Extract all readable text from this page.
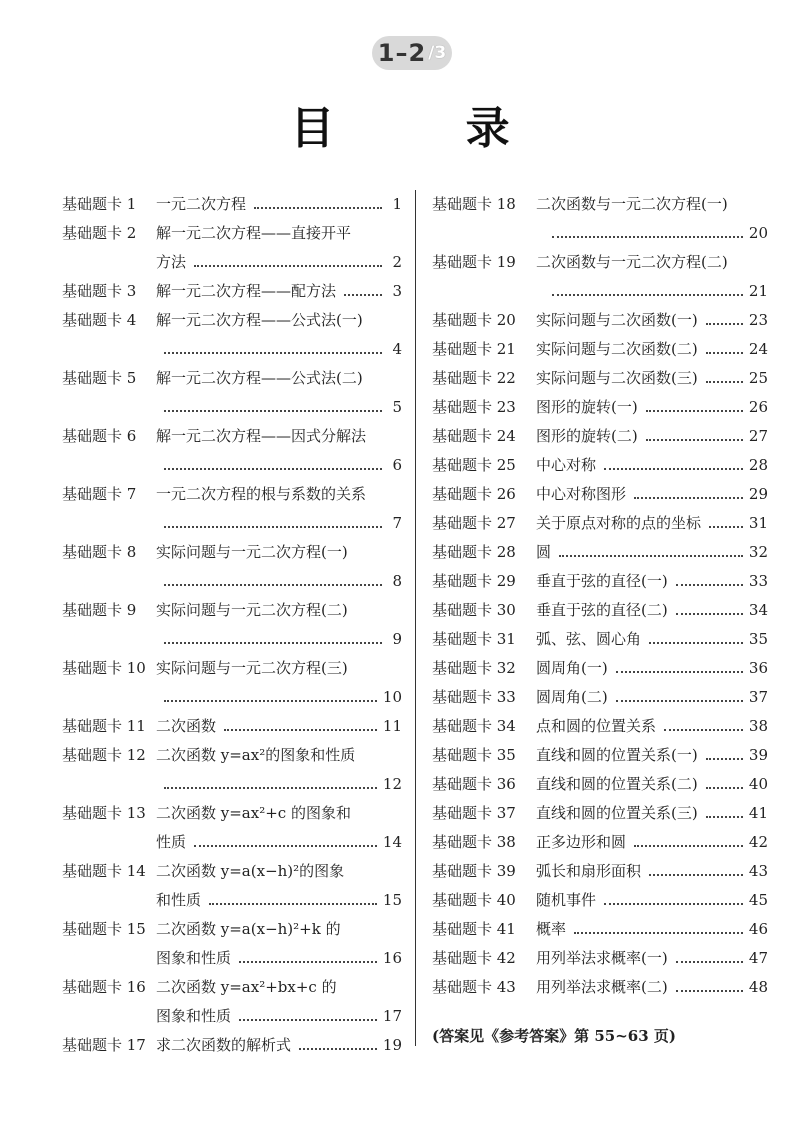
1–2 /3
目 录
基础题卡 1	一元二次方程	1
基础题卡 2	解一元二次方程——直接开平
方法	2
基础题卡 3	解一元二次方程——配方法	3
基础题卡 4	解一元二次方程——公式法(一)
4
基础题卡 5	解一元二次方程——公式法(二)
5
基础题卡 6	解一元二次方程——因式分解法
6
基础题卡 7	一元二次方程的根与系数的关系
7
基础题卡 8	实际问题与一元二次方程(一)
8
基础题卡 9	实际问题与一元二次方程(二)
9
基础题卡 10 实际问题与一元二次方程(三)
10
基础题卡 11 二次函数	11
基础题卡 12 二次函数 y=ax²的图象和性质
12
基础题卡 13 二次函数 y=ax²+c 的图象和
性质	14
基础题卡 14 二次函数 y=a(x−h)²的图象
和性质	15
基础题卡 15 二次函数 y=a(x−h)²+k 的
图象和性质	16
基础题卡 16 二次函数 y=ax²+bx+c 的
图象和性质	17
基础题卡 17 求二次函数的解析式	19
基础题卡 18	二次函数与一元二次方程(一)
20
基础题卡 19	二次函数与一元二次方程(二)
21
基础题卡 20	实际问题与二次函数(一)	23
基础题卡 21	实际问题与二次函数(二)	24
基础题卡 22	实际问题与二次函数(三)	25
基础题卡 23	图形的旋转(一)	26
基础题卡 24	图形的旋转(二)	27
基础题卡 25	中心对称	28
基础题卡 26	中心对称图形	29
基础题卡 27	关于原点对称的点的坐标	31
基础题卡 28	圆	32
基础题卡 29	垂直于弦的直径(一)	33
基础题卡 30	垂直于弦的直径(二)	34
基础题卡 31	弧、弦、圆心角	35
基础题卡 32	圆周角(一)	36
基础题卡 33	圆周角(二)	37
基础题卡 34	点和圆的位置关系	38
基础题卡 35	直线和圆的位置关系(一)	39
基础题卡 36	直线和圆的位置关系(二)	40
基础题卡 37	直线和圆的位置关系(三)	41
基础题卡 38	正多边形和圆	42
基础题卡 39	弧长和扇形面积	43
基础题卡 40	随机事件	45
基础题卡 41	概率	46
基础题卡 42	用列举法求概率(一)	47
基础题卡 43	用列举法求概率(二)	48
(答案见《参考答案》第 55~63 页)
